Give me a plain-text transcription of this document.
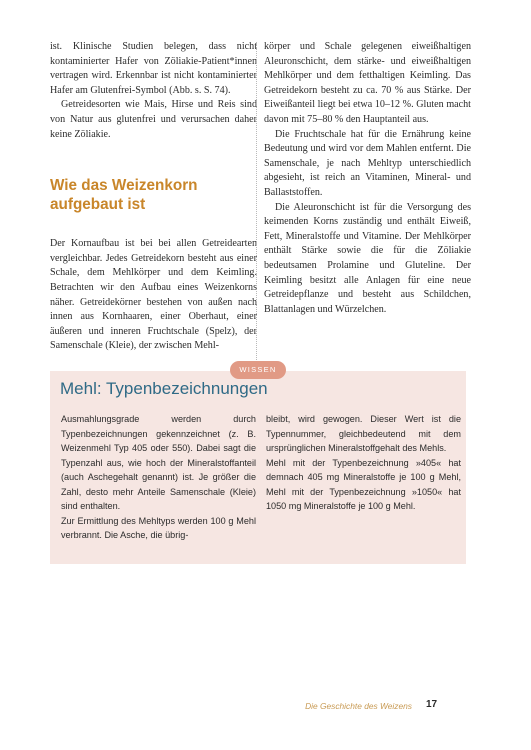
ist. Klinische Studien belegen, dass nicht kontaminierter Hafer von Zöliakie-Patient*innen vertragen wird. Erkennbar ist nicht kontaminierter Hafer am Glutenfrei-Symbol (Abb. s. S. 74).

Getreidesorten wie Mais, Hirse und Reis sind von Natur aus glutenfrei und verursachen daher keine Zöliakie.

Wie das Weizenkorn aufgebaut ist

Der Kornaufbau ist bei bei allen Getreidearten vergleichbar. Jedes Getreidekorn besteht aus einer Schale, dem Mehlkörper und dem Keimling. Betrachten wir den Aufbau eines Weizenkorns näher. Getreidekörner bestehen von außen nach innen aus Kornhaaren, einer Oberhaut, einer äußeren und inneren Fruchtschale (Spelz), der Samenschale (Kleie), der zwischen Mehl-

körper und Schale gelegenen eiweißhaltigen Aleuronschicht, dem stärke- und eiweißhaltigen Mehlkörper und dem fetthaltigen Keimling. Das Getreidekorn besteht zu ca. 70 % aus Stärke. Der Eiweißanteil liegt bei etwa 10–12 %. Gluten macht davon mit 75–80 % den Hauptanteil aus.

Die Fruchtschale hat für die Ernährung keine Bedeutung und wird vor dem Mahlen entfernt. Die Samenschale, je nach Mehltyp unterschiedlich abgesieht, ist reich an Vitaminen, Mineral- und Ballaststoffen.

Die Aleuronschicht ist für die Versorgung des keimenden Korns zuständig und enthält Eiweiß, Fett, Mineralstoffe und Vitamine. Der Mehlkörper enthält Stärke sowie die für die Zöliakie bedeutsamen Prolamine und Gluteline. Der Keimling besitzt alle Anlagen für eine neue Getreidepflanze und besteht aus Schildchen, Blattanlagen und Würzelchen.

WISSEN
Mehl: Typenbezeichnungen

Ausmahlungsgrade werden durch Typenbezeichnungen gekennzeichnet (z. B. Weizenmehl Typ 405 oder 550). Dabei sagt die Typenzahl aus, wie hoch der Mineralstoffanteil (auch Aschegehalt genannt) ist. Je größer die Zahl, desto mehr Anteile Samenschale (Kleie) sind enthalten.

Zur Ermittlung des Mehltyps werden 100 g Mehl verbrannt. Die Asche, die übrig-

bleibt, wird gewogen. Dieser Wert ist die Typennummer, gleichbedeutend mit dem ursprünglichen Mineralstoffgehalt des Mehls.

Mehl mit der Typenbezeichnung »405« hat demnach 405 mg Mineralstoffe je 100 g Mehl, Mehl mit der Typenbezeichnung »1050« hat 1050 mg Mineralstoffe je 100 g Mehl.

Die Geschichte des Weizens 17
